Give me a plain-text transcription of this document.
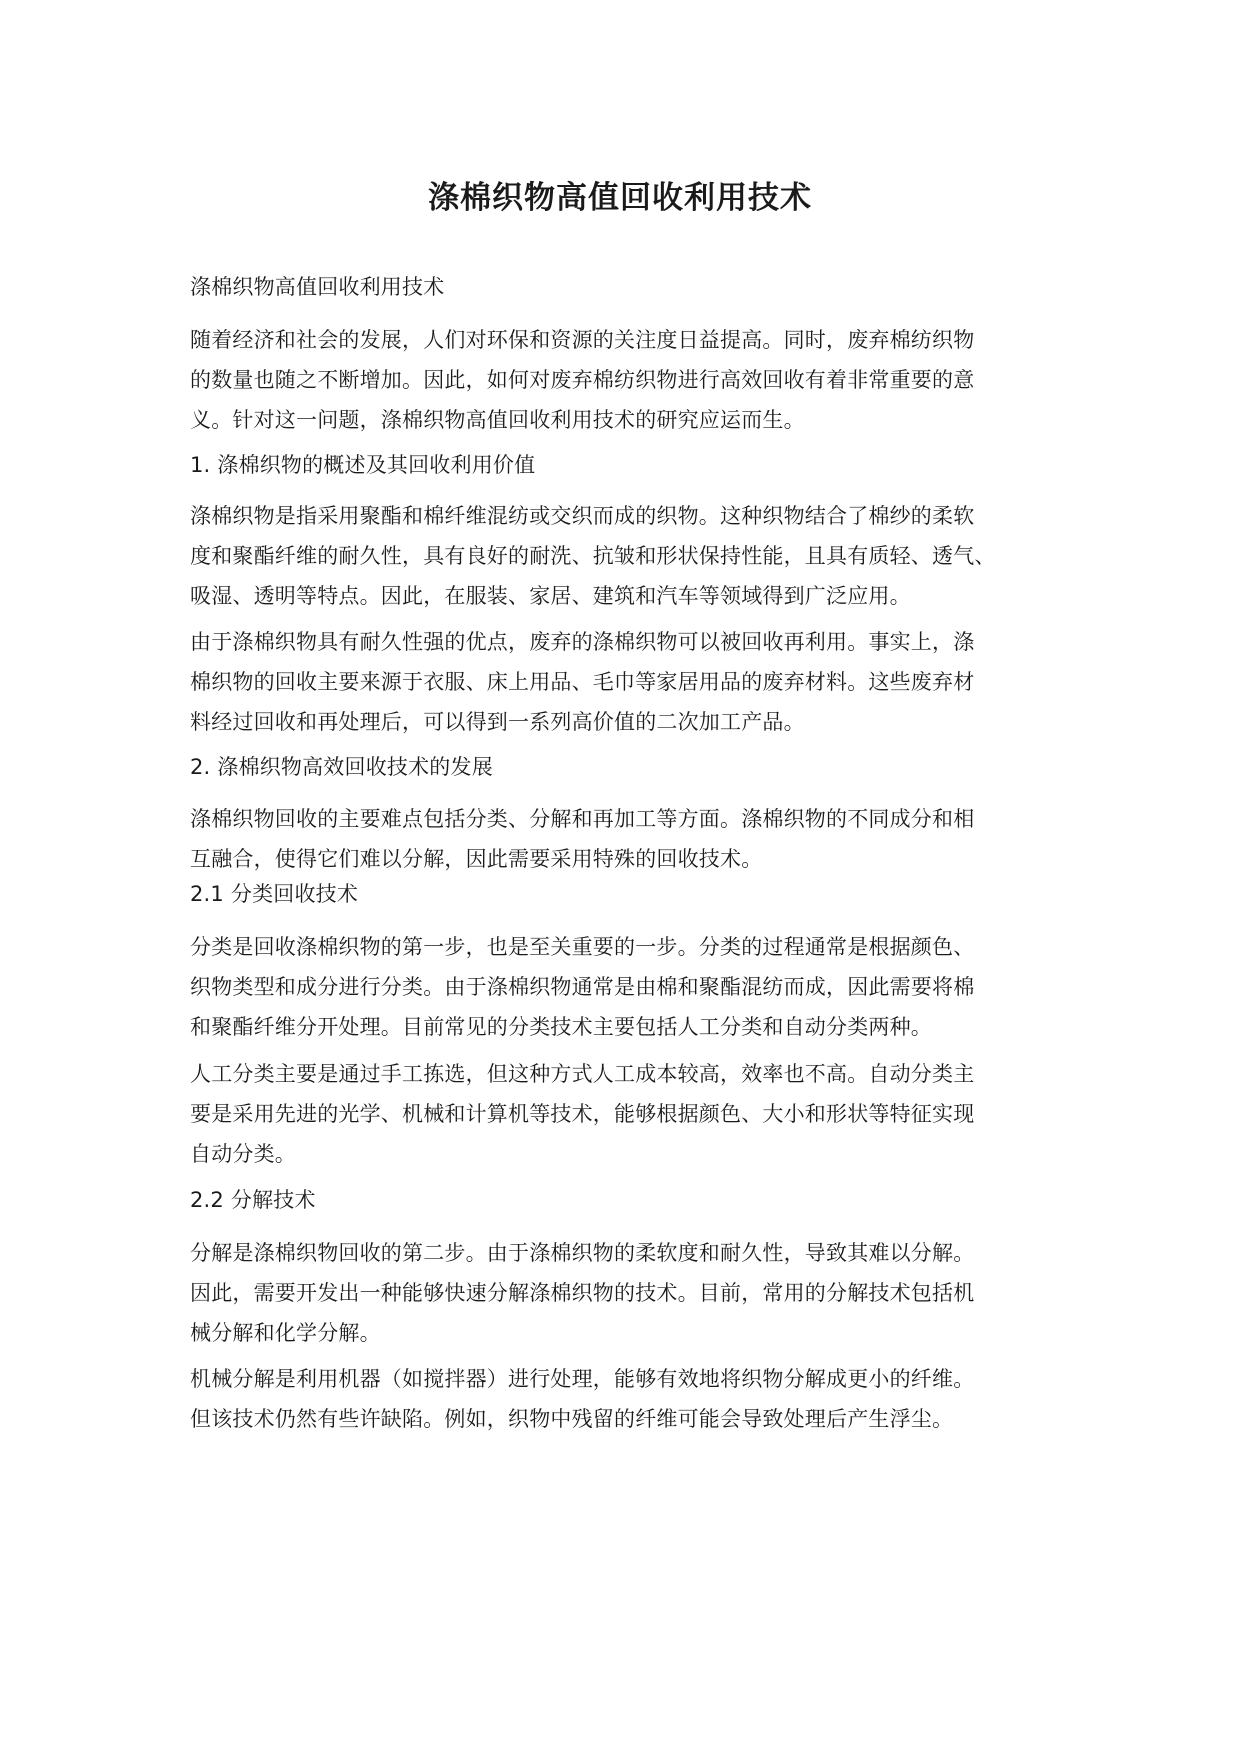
涤棉织物高值回收利用技术

涤棉织物高值回收利用技术

随着经济和社会的发展，人们对环保和资源的关注度日益提高。同时，废弃棉纺织物
的数量也随之不断增加。因此，如何对废弃棉纺织物进行高效回收有着非常重要的意
义。针对这一问题，涤棉织物高值回收利用技术的研究应运而生。

1. 涤棉织物的概述及其回收利用价值

涤棉织物是指采用聚酯和棉纤维混纺或交织而成的织物。这种织物结合了棉纱的柔软
度和聚酯纤维的耐久性，具有良好的耐洗、抗皱和形状保持性能，且具有质轻、透气、
吸湿、透明等特点。因此，在服装、家居、建筑和汽车等领域得到广泛应用。

由于涤棉织物具有耐久性强的优点，废弃的涤棉织物可以被回收再利用。事实上，涤
棉织物的回收主要来源于衣服、床上用品、毛巾等家居用品的废弃材料。这些废弃材
料经过回收和再处理后，可以得到一系列高价值的二次加工产品。

2. 涤棉织物高效回收技术的发展

涤棉织物回收的主要难点包括分类、分解和再加工等方面。涤棉织物的不同成分和相
互融合，使得它们难以分解，因此需要采用特殊的回收技术。

2.1 分类回收技术

分类是回收涤棉织物的第一步，也是至关重要的一步。分类的过程通常是根据颜色、
织物类型和成分进行分类。由于涤棉织物通常是由棉和聚酯混纺而成，因此需要将棉
和聚酯纤维分开处理。目前常见的分类技术主要包括人工分类和自动分类两种。

人工分类主要是通过手工拣选，但这种方式人工成本较高，效率也不高。自动分类主
要是采用先进的光学、机械和计算机等技术，能够根据颜色、大小和形状等特征实现
自动分类。

2.2 分解技术

分解是涤棉织物回收的第二步。由于涤棉织物的柔软度和耐久性，导致其难以分解。
因此，需要开发出一种能够快速分解涤棉织物的技术。目前，常用的分解技术包括机
械分解和化学分解。

机械分解是利用机器（如搅拌器）进行处理，能够有效地将织物分解成更小的纤维。
但该技术仍然有些许缺陷。例如，织物中残留的纤维可能会导致处理后产生浮尘。
